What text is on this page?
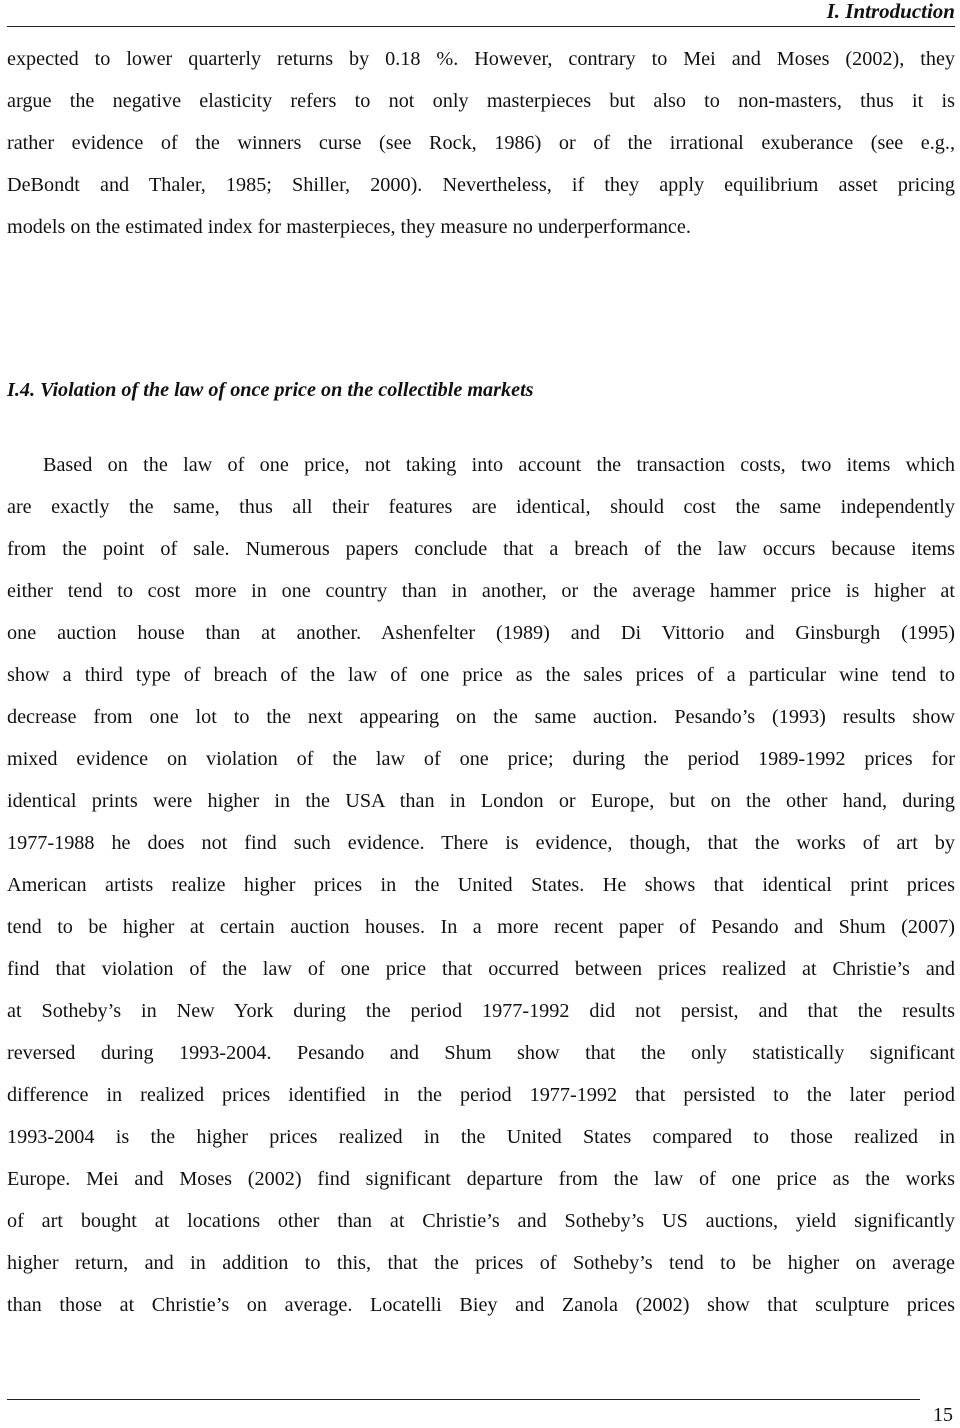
I. Introduction
expected to lower quarterly returns by 0.18 %. However, contrary to Mei and Moses (2002), they
argue the negative elasticity refers to not only masterpieces but also to non-masters, thus it is
rather evidence of the winners curse (see Rock, 1986) or of the irrational exuberance (see e.g.,
DeBondt and Thaler, 1985; Shiller, 2000). Nevertheless, if they apply equilibrium asset pricing
models on the estimated index for masterpieces, they measure no underperformance.
I.4. Violation of the law of once price on the collectible markets
Based on the law of one price, not taking into account the transaction costs, two items which
are exactly the same, thus all their features are identical, should cost the same independently
from the point of sale. Numerous papers conclude that a breach of the law occurs because items
either tend to cost more in one country than in another, or the average hammer price is higher at
one auction house than at another. Ashenfelter (1989) and Di Vittorio and Ginsburgh (1995)
show a third type of breach of the law of one price as the sales prices of a particular wine tend to
decrease from one lot to the next appearing on the same auction. Pesando’s (1993) results show
mixed evidence on violation of the law of one price; during the period 1989-1992 prices for
identical prints were higher in the USA than in London or Europe, but on the other hand, during
1977-1988 he does not find such evidence. There is evidence, though, that the works of art by
American artists realize higher prices in the United States. He shows that identical print prices
tend to be higher at certain auction houses. In a more recent paper of Pesando and Shum (2007)
find that violation of the law of one price that occurred between prices realized at Christie’s and
at Sotheby’s in New York during the period 1977-1992 did not persist, and that the results
reversed during 1993-2004. Pesando and Shum show that the only statistically significant
difference in realized prices identified in the period 1977-1992 that persisted to the later period
1993-2004 is the higher prices realized in the United States compared to those realized in
Europe. Mei and Moses (2002) find significant departure from the law of one price as the works
of art bought at locations other than at Christie’s and Sotheby’s US auctions, yield significantly
higher return, and in addition to this, that the prices of Sotheby’s tend to be higher on average
than those at Christie’s on average. Locatelli Biey and Zanola (2002) show that sculpture prices
15
